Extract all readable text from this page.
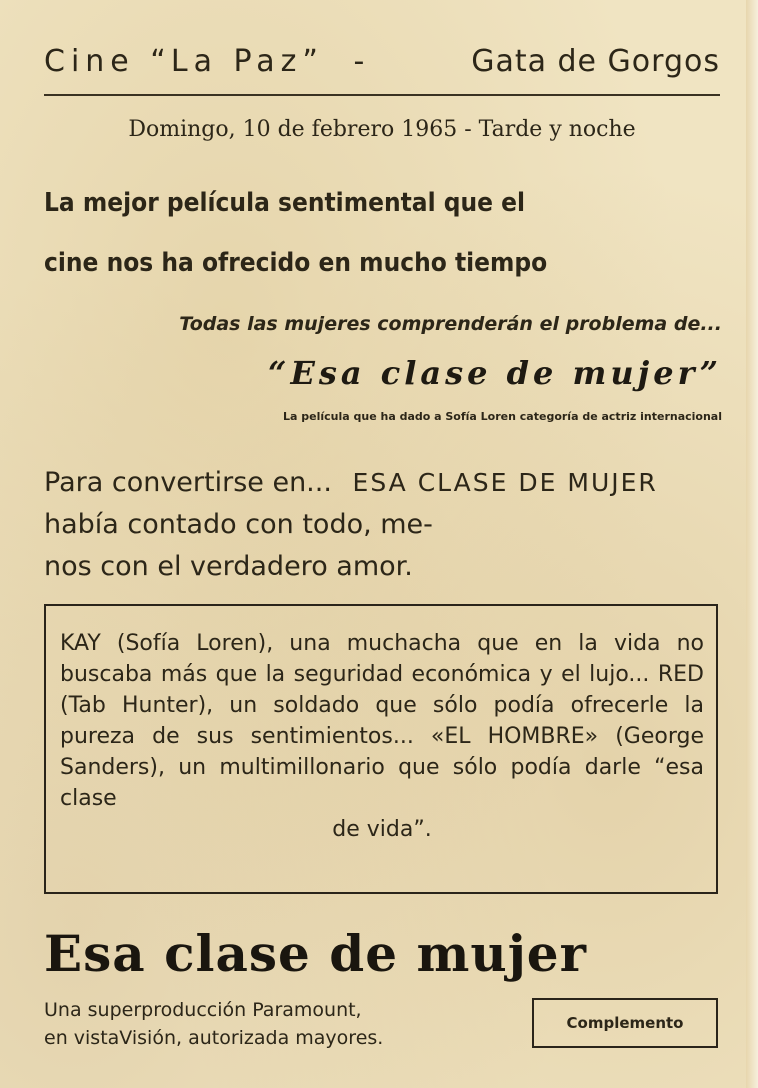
Cine “La Paz” -	Gata de Gorgos
Domingo, 10 de febrero 1965 - Tarde y noche
La mejor película sentimental que el
cine nos ha ofrecido en mucho tiempo
Todas las mujeres comprenderán el problema de...
“Esa clase de mujer”
La película que ha dado a Sofía Loren categoría de actriz internacional
Para convertirse en... ESA CLASE DE MUJER
había contado con todo, me-
nos con el verdadero amor.
KAY (Sofía Loren), una muchacha que en la vida no buscaba más que la seguridad económica y el lujo... RED (Tab Hunter), un soldado que sólo podía ofrecerle la pureza de sus sentimientos... «EL HOMBRE» (George Sanders), un multimillonario que sólo podía darle “esa clase
de vida”.
Esa clase de mujer
Una superproducción Paramount,
en vistaVisión, autorizada mayores.
Complemento
